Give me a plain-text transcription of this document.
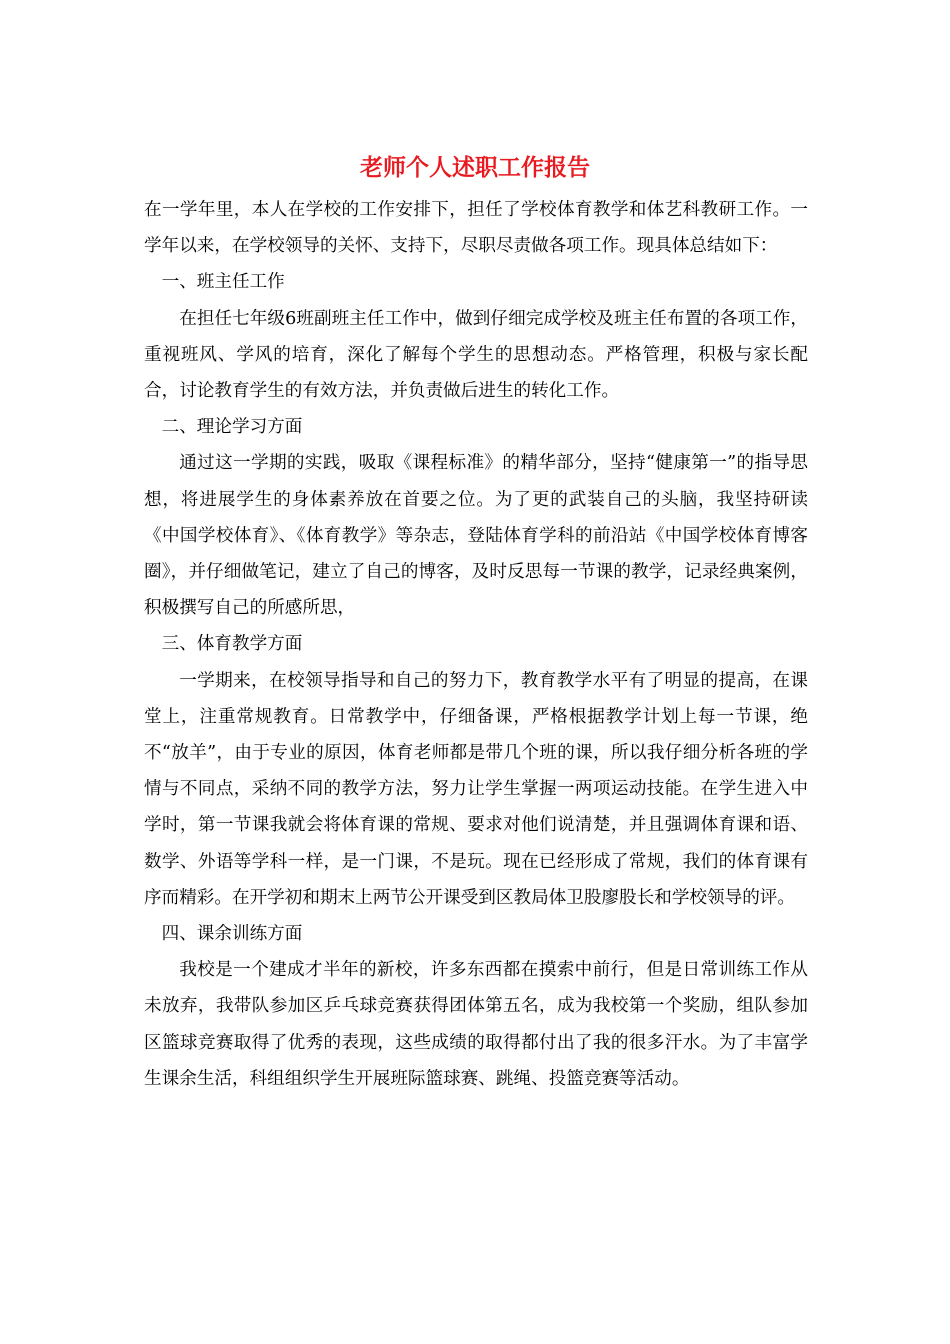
老师个人述职工作报告

在一学年里，本人在学校的工作安排下，担任了学校体育教学和体艺科教研工作。一学年以来，在学校领导的关怀、支持下，尽职尽责做各项工作。现具体总结如下：

一、班主任工作

在担任七年级6班副班主任工作中，做到仔细完成学校及班主任布置的各项工作，重视班风、学风的培育，深化了解每个学生的思想动态。严格管理，积极与家长配合，讨论教育学生的有效方法，并负责做后进生的转化工作。

二、理论学习方面

通过这一学期的实践，吸取《课程标准》的精华部分，坚持“健康第一”的指导思想，将进展学生的身体素养放在首要之位。为了更的武装自己的头脑，我坚持研读《中国学校体育》、《体育教学》等杂志，登陆体育学科的前沿站《中国学校体育博客圈》，并仔细做笔记，建立了自己的博客，及时反思每一节课的教学，记录经典案例，积极撰写自己的所感所思，

三、体育教学方面

一学期来，在校领导指导和自己的努力下，教育教学水平有了明显的提高，在课堂上，注重常规教育。日常教学中，仔细备课，严格根据教学计划上每一节课，绝不“放羊”，由于专业的原因，体育老师都是带几个班的课，所以我仔细分析各班的学情与不同点，采纳不同的教学方法，努力让学生掌握一两项运动技能。在学生进入中学时，第一节课我就会将体育课的常规、要求对他们说清楚，并且强调体育课和语、数学、外语等学科一样，是一门课，不是玩。现在已经形成了常规，我们的体育课有序而精彩。在开学初和期末上两节公开课受到区教局体卫股廖股长和学校领导的评。

四、课余训练方面

我校是一个建成才半年的新校，许多东西都在摸索中前行，但是日常训练工作从未放弃，我带队参加区乒乓球竞赛获得团体第五名，成为我校第一个奖励，组队参加区篮球竞赛取得了优秀的表现，这些成绩的取得都付出了我的很多汗水。为了丰富学生课余生活，科组组织学生开展班际篮球赛、跳绳、投篮竞赛等活动。
